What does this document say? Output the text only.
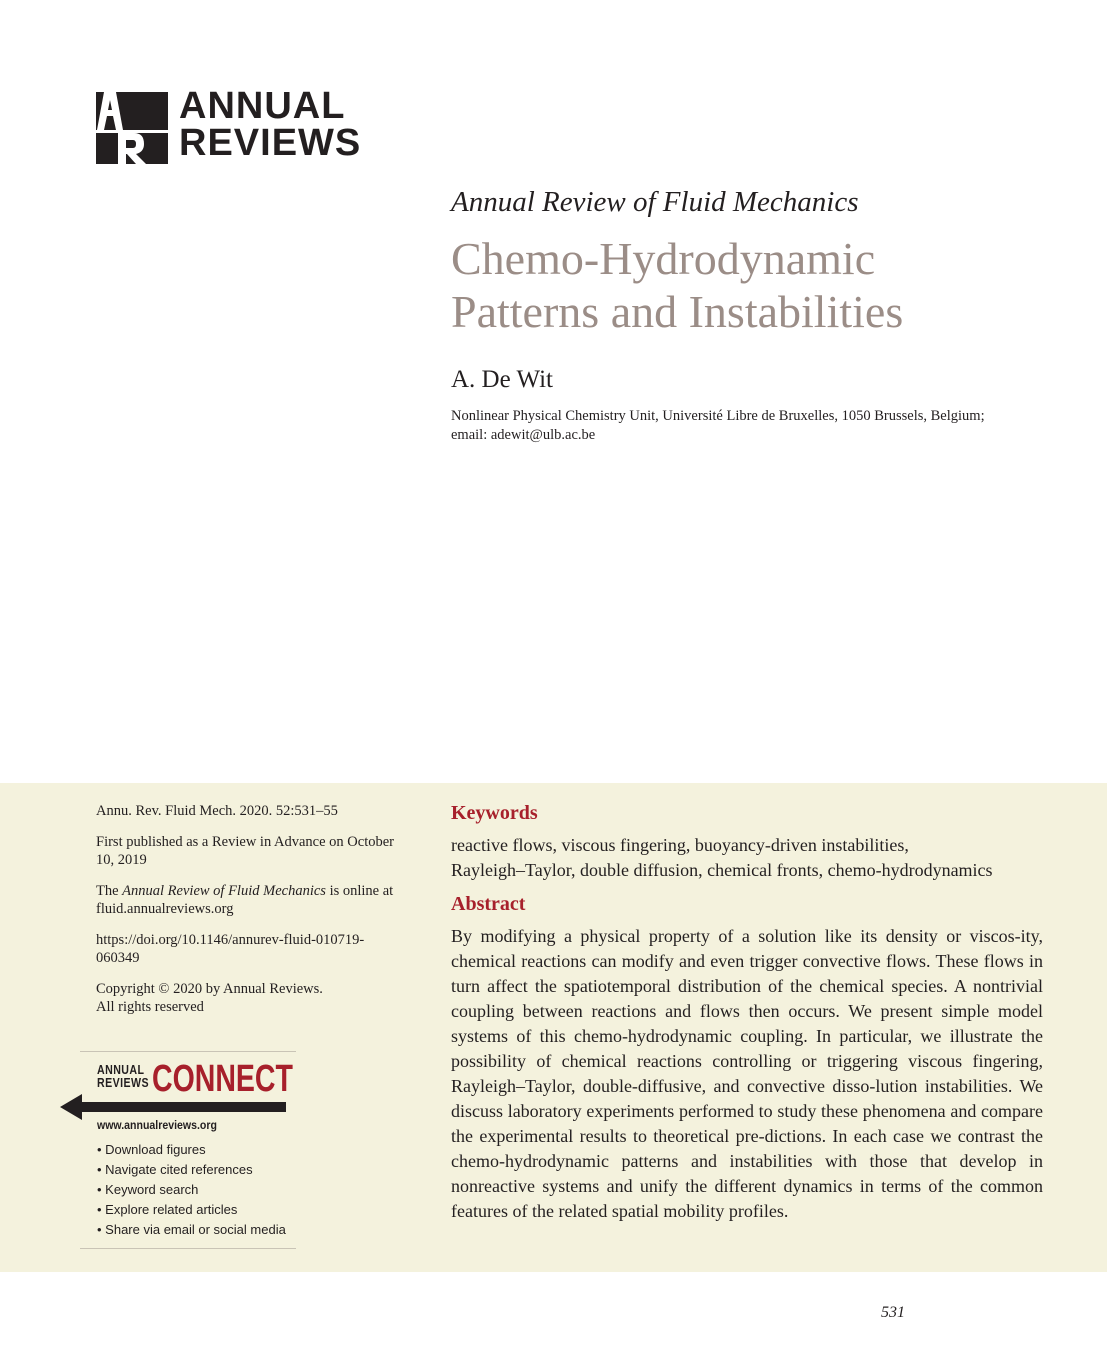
ANNUAL
REVIEWS
Annual Review of Fluid Mechanics
Chemo-Hydrodynamic
Patterns and Instabilities
A. De Wit
Nonlinear Physical Chemistry Unit, Université Libre de Bruxelles, 1050 Brussels, Belgium;
email: adewit@ulb.ac.be

Annu. Rev. Fluid Mech. 2020. 52:531–55

First published as a Review in Advance on October 10, 2019

The Annual Review of Fluid Mechanics is online at fluid.annualreviews.org

https://doi.org/10.1146/annurev-fluid-010719-060349

Copyright © 2020 by Annual Reviews.
All rights reserved

ANNUAL
REVIEWS CONNECT
www.annualreviews.org
• Download figures
• Navigate cited references
• Keyword search
• Explore related articles
• Share via email or social media
Keywords
reactive flows, viscous fingering, buoyancy-driven instabilities,
Rayleigh–Taylor, double diffusion, chemical fronts, chemo-hydrodynamics
Abstract

By modifying a physical property of a solution like its density or viscos-ity, chemical reactions can modify and even trigger convective flows. These flows in turn affect the spatiotemporal distribution of the chemical species. A nontrivial coupling between reactions and flows then occurs. We present simple model systems of this chemo-hydrodynamic coupling. In particular, we illustrate the possibility of chemical reactions controlling or triggering viscous fingering, Rayleigh–Taylor, double-diffusive, and convective disso-lution instabilities. We discuss laboratory experiments performed to study these phenomena and compare the experimental results to theoretical pre-dictions. In each case we contrast the chemo-hydrodynamic patterns and instabilities with those that develop in nonreactive systems and unify the different dynamics in terms of the common features of the related spatial mobility profiles.

531
